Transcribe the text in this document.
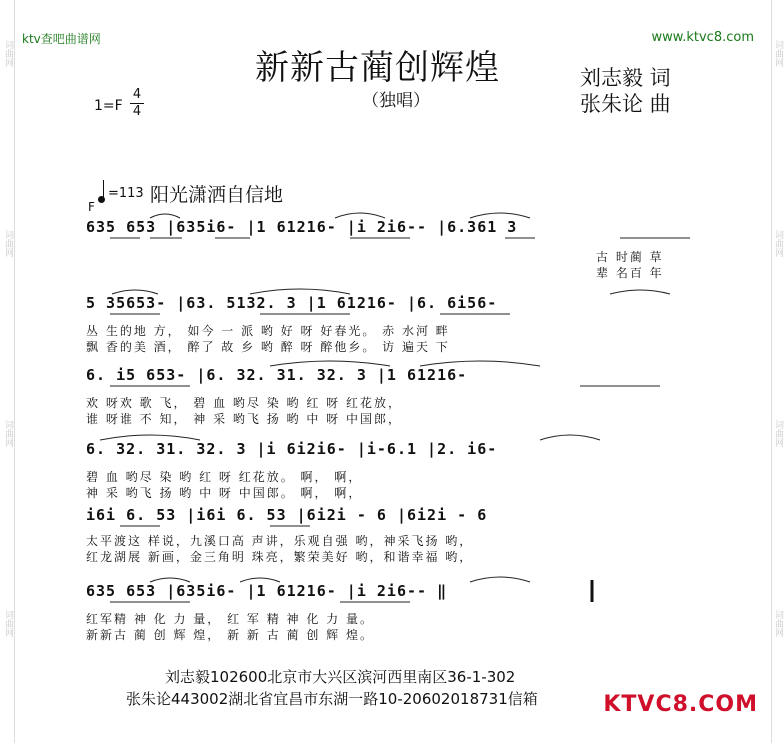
词曲网
词曲网
词曲网
词曲网
词曲网
词曲网
词曲网
词曲网
ktv查吧曲谱网	www.ktvc8.com
新新古蔺创辉煌
（独唱）
刘志毅 词
张朱论 曲
1=F
4
4
F
=113 阳光潇洒自信地
635 653 |635i6- |1 61216- |i 2i6-- |6.361 3
古 时蔺 草
辈 名百 年
5 35653- |63. 5132. 3 |1 61216- |6. 6i56-
丛 生的地 方， 如今 一 派 哟 好 呀 好春光。 赤 水河 畔
飘 香的美 酒， 醉了 故 乡 哟 醉 呀 醉他乡。 访 遍天 下
6. i5 653- |6. 32. 31. 32. 3 |1 61216-
欢 呀欢 歌 飞， 碧 血 哟尽 染 哟 红 呀 红花放，
谁 呀谁 不 知， 神 采 哟飞 扬 哟 中 呀 中国郎，
6. 32. 31. 32. 3 |i 6i2i6- |i-6.1 |2. i6-
碧 血 哟尽 染 哟 红 呀 红花放。 啊， 啊，
神 采 哟飞 扬 哟 中 呀 中国郎。 啊， 啊，
i6i 6. 53 |i6i 6. 53 |6i2i - 6 |6i2i - 6
太平渡这 样说，九溪口高 声讲，乐观自强 哟，神采飞扬 哟，
红龙湖展 新画，金三角明 珠亮，繁荣美好 哟，和谐幸福 哟，
635 653 |635i6- |1 61216- |i 2i6-- ‖
红军精 神 化 力 量， 红 军 精 神 化 力 量。
新新古 蔺 创 辉 煌， 新 新 古 蔺 创 辉 煌。
刘志毅102600北京市大兴区滨河西里南区36-1-302
张朱论443002湖北省宜昌市东湖一路10-20602018731信箱	KTVC8.COM
